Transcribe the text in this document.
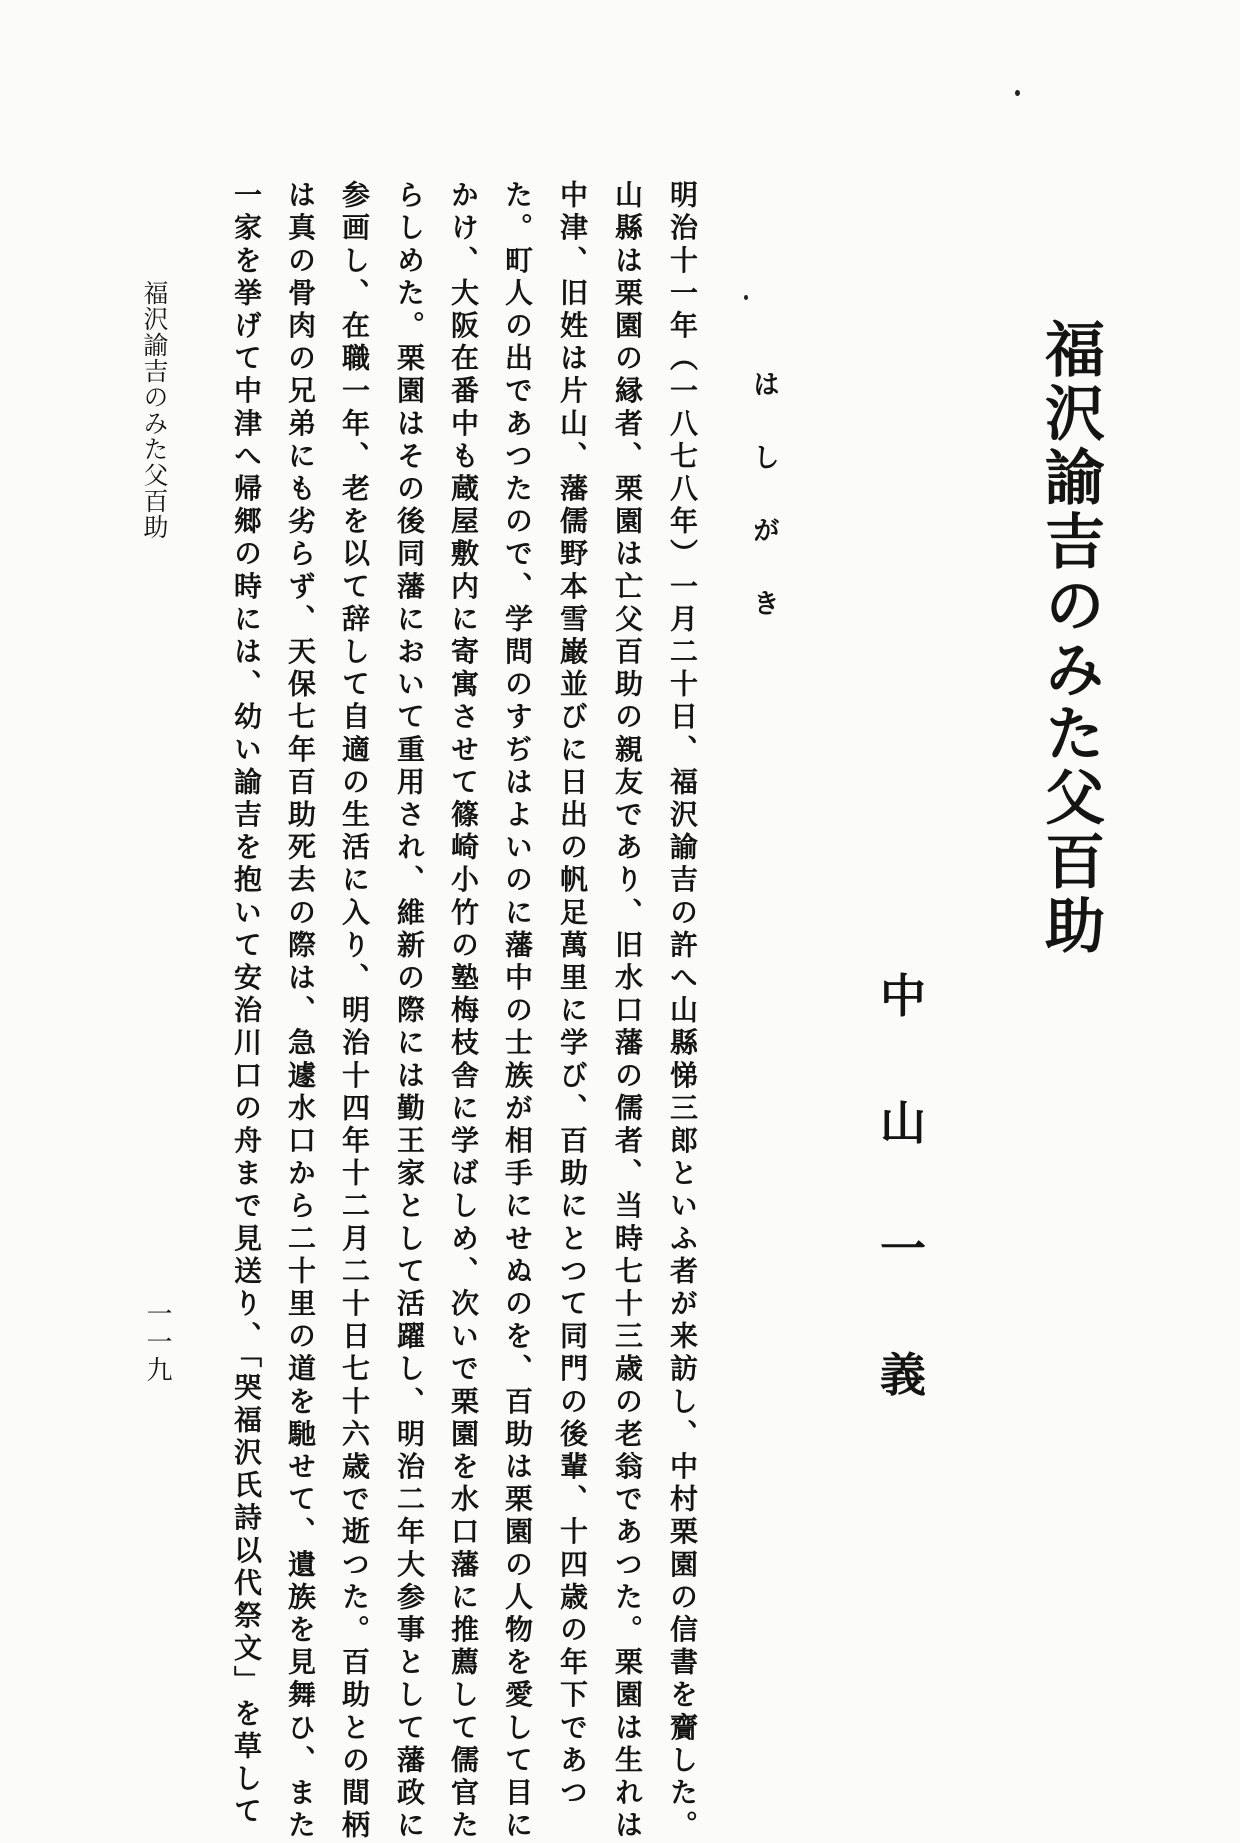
福沢諭吉のみた父百助
中
山
一
義
はしがき
明治十一年（一八七八年）一月二十日、福沢諭吉の許へ山縣悌三郎といふ者が来訪し、中村栗園の信書を齎した。
山縣は栗園の縁者、栗園は亡父百助の親友であり、旧水口藩の儒者、当時七十三歳の老翁であつた。栗園は生れは
中津、旧姓は片山、藩儒野本雪巌並びに日出の帆足萬里に学び、百助にとつて同門の後輩、十四歳の年下であつ
た。町人の出であつたので、学問のすぢはよいのに藩中の士族が相手にせぬのを、百助は栗園の人物を愛して目に
かけ、大阪在番中も蔵屋敷内に寄寓させて篠崎小竹の塾梅枝舎に学ばしめ、次いで栗園を水口藩に推薦して儒官た
らしめた。栗園はその後同藩において重用され、維新の際には勤王家として活躍し、明治二年大参事として藩政に
参画し、在職一年、老を以て辞して自適の生活に入り、明治十四年十二月二十日七十六歳で逝つた。百助との間柄
は真の骨肉の兄弟にも劣らず、天保七年百助死去の際は、急遽水口から二十里の道を馳せて、遺族を見舞ひ、また
一家を挙げて中津へ帰郷の時には、幼い諭吉を抱いて安治川口の舟まで見送り、「哭福沢氏詩以代祭文」を草して
福沢諭吉のみた父百助
一一九
